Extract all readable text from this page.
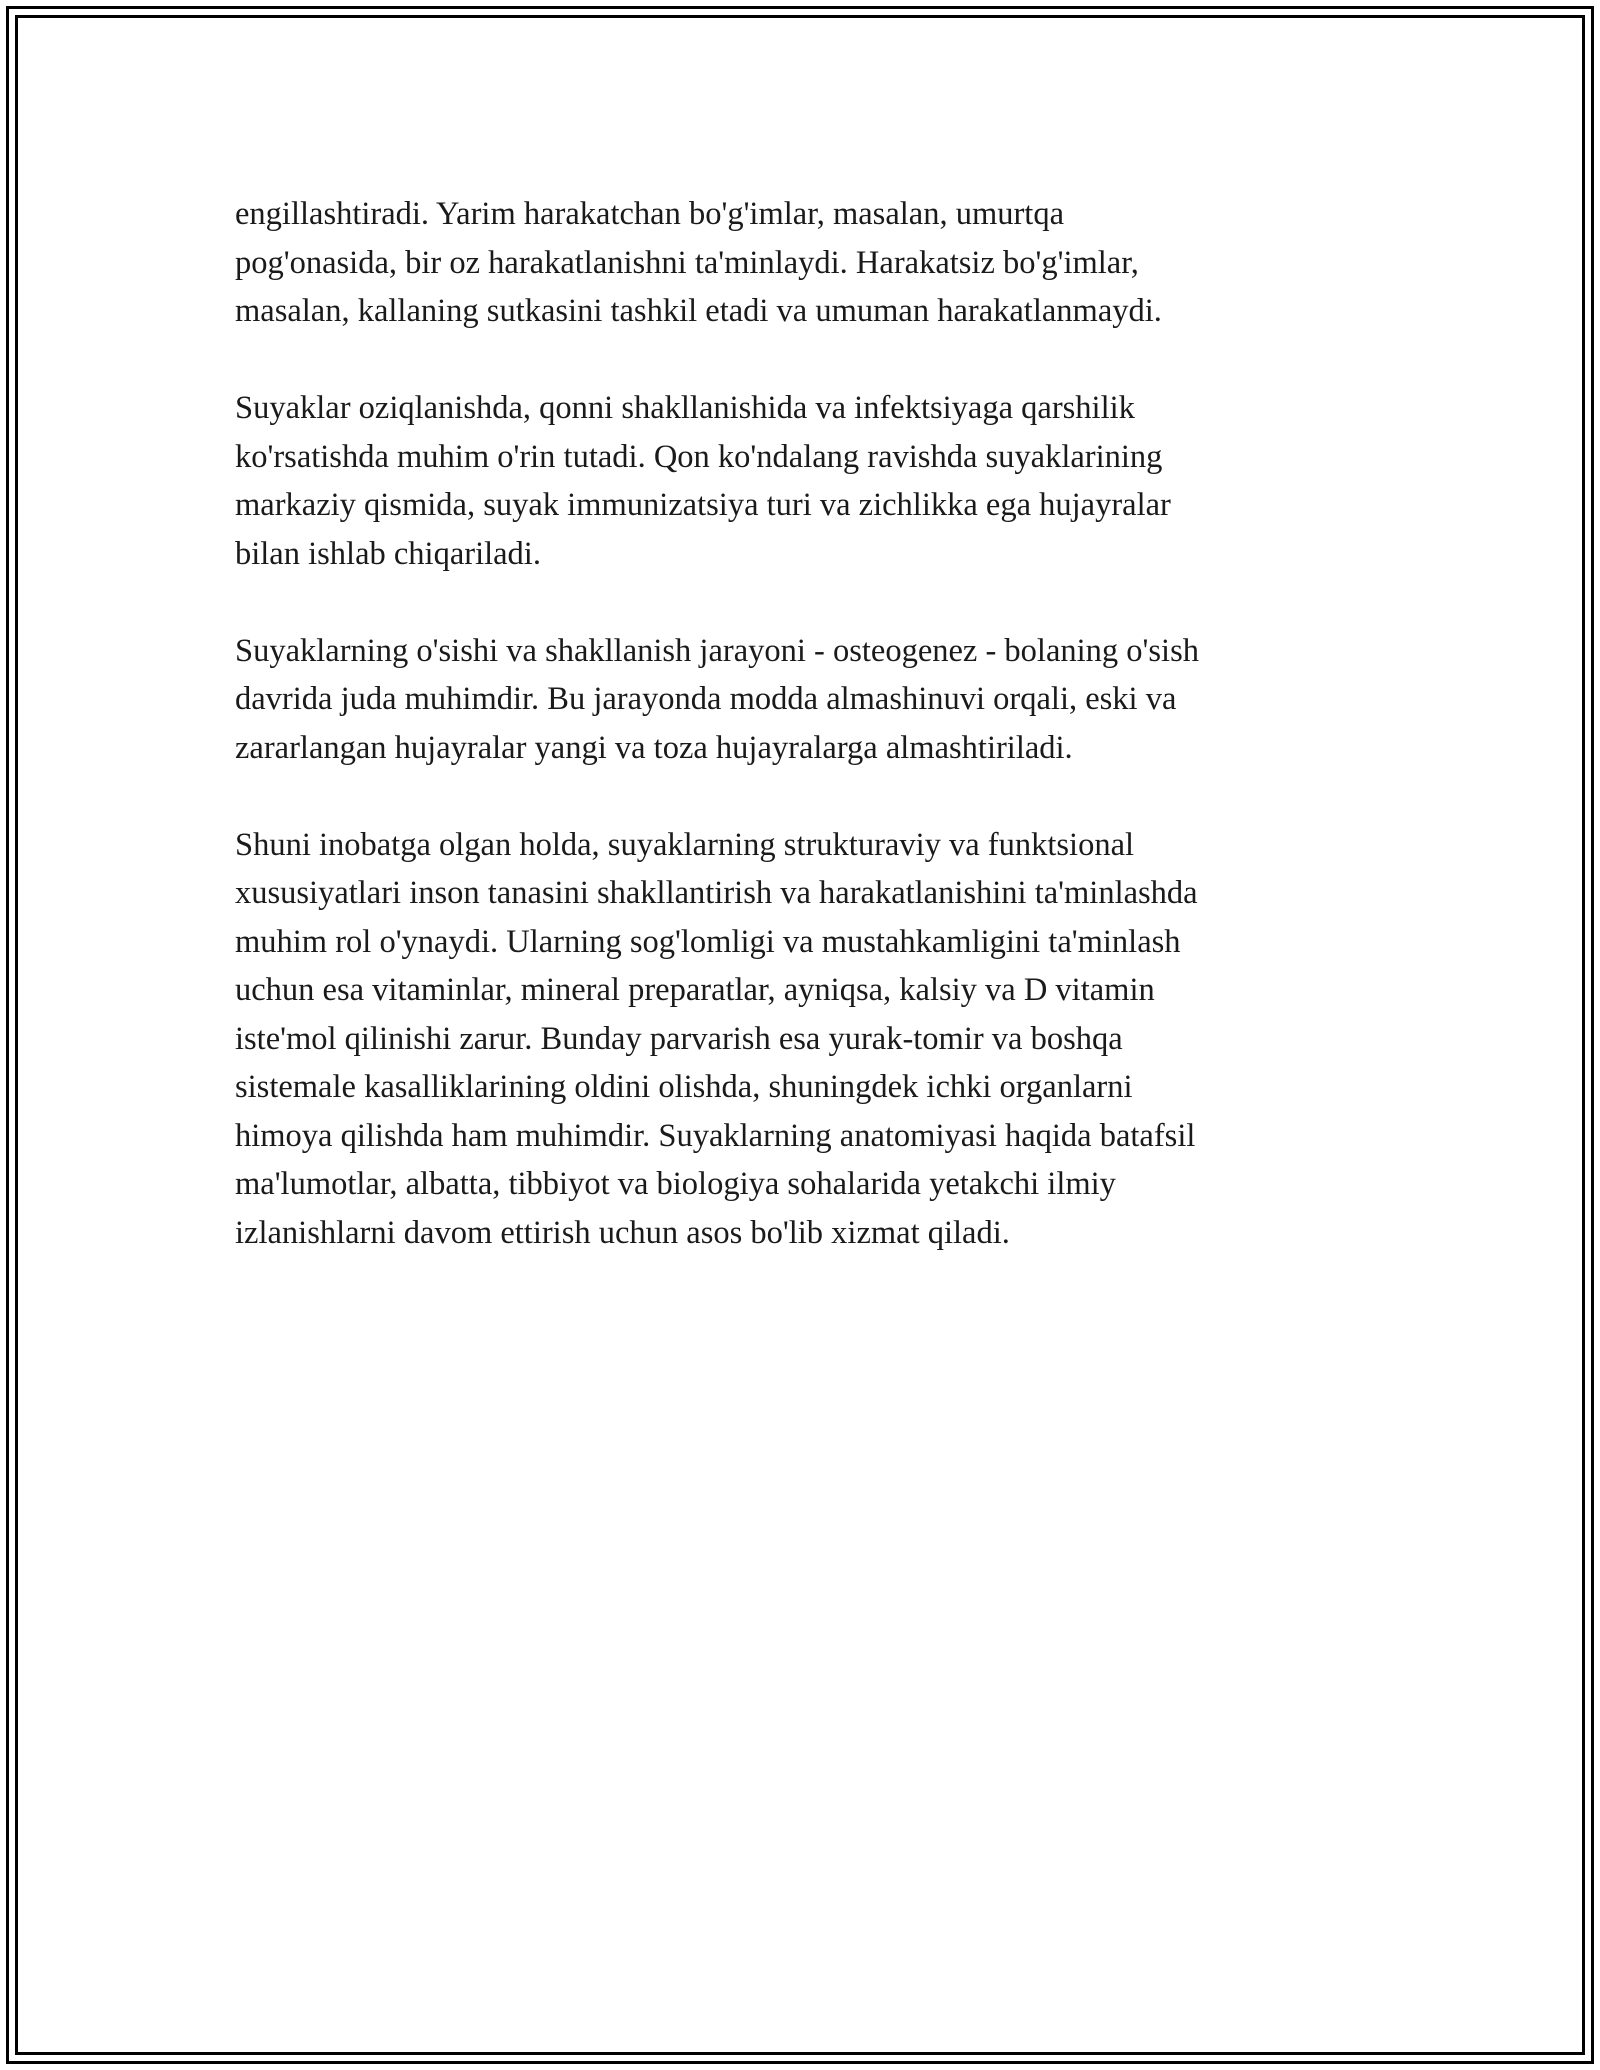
engillashtiradi. Yarim harakatchan bo'g'imlar, masalan, umurtqa
pog'onasida, bir oz harakatlanishni ta'minlaydi. Harakatsiz bo'g'imlar,
masalan, kallaning sutkasini tashkil etadi va umuman harakatlanmaydi.

Suyaklar oziqlanishda, qonni shakllanishida va infektsiyaga qarshilik
ko'rsatishda muhim o'rin tutadi. Qon ko'ndalang ravishda suyaklarining
markaziy qismida, suyak immunizatsiya turi va zichlikka ega hujayralar
bilan ishlab chiqariladi.

Suyaklarning o'sishi va shakllanish jarayoni - osteogenez - bolaning o'sish
davrida juda muhimdir. Bu jarayonda modda almashinuvi orqali, eski va
zararlangan hujayralar yangi va toza hujayralarga almashtiriladi.

Shuni inobatga olgan holda, suyaklarning strukturaviy va funktsional
xususiyatlari inson tanasini shakllantirish va harakatlanishini ta'minlashda
muhim rol o'ynaydi. Ularning sog'lomligi va mustahkamligini ta'minlash
uchun esa vitaminlar, mineral preparatlar, ayniqsa, kalsiy va D vitamin
iste'mol qilinishi zarur. Bunday parvarish esa yurak-tomir va boshqa
sistemale kasalliklarining oldini olishda, shuningdek ichki organlarni
himoya qilishda ham muhimdir. Suyaklarning anatomiyasi haqida batafsil
ma'lumotlar, albatta, tibbiyot va biologiya sohalarida yetakchi ilmiy
izlanishlarni davom ettirish uchun asos bo'lib xizmat qiladi.
